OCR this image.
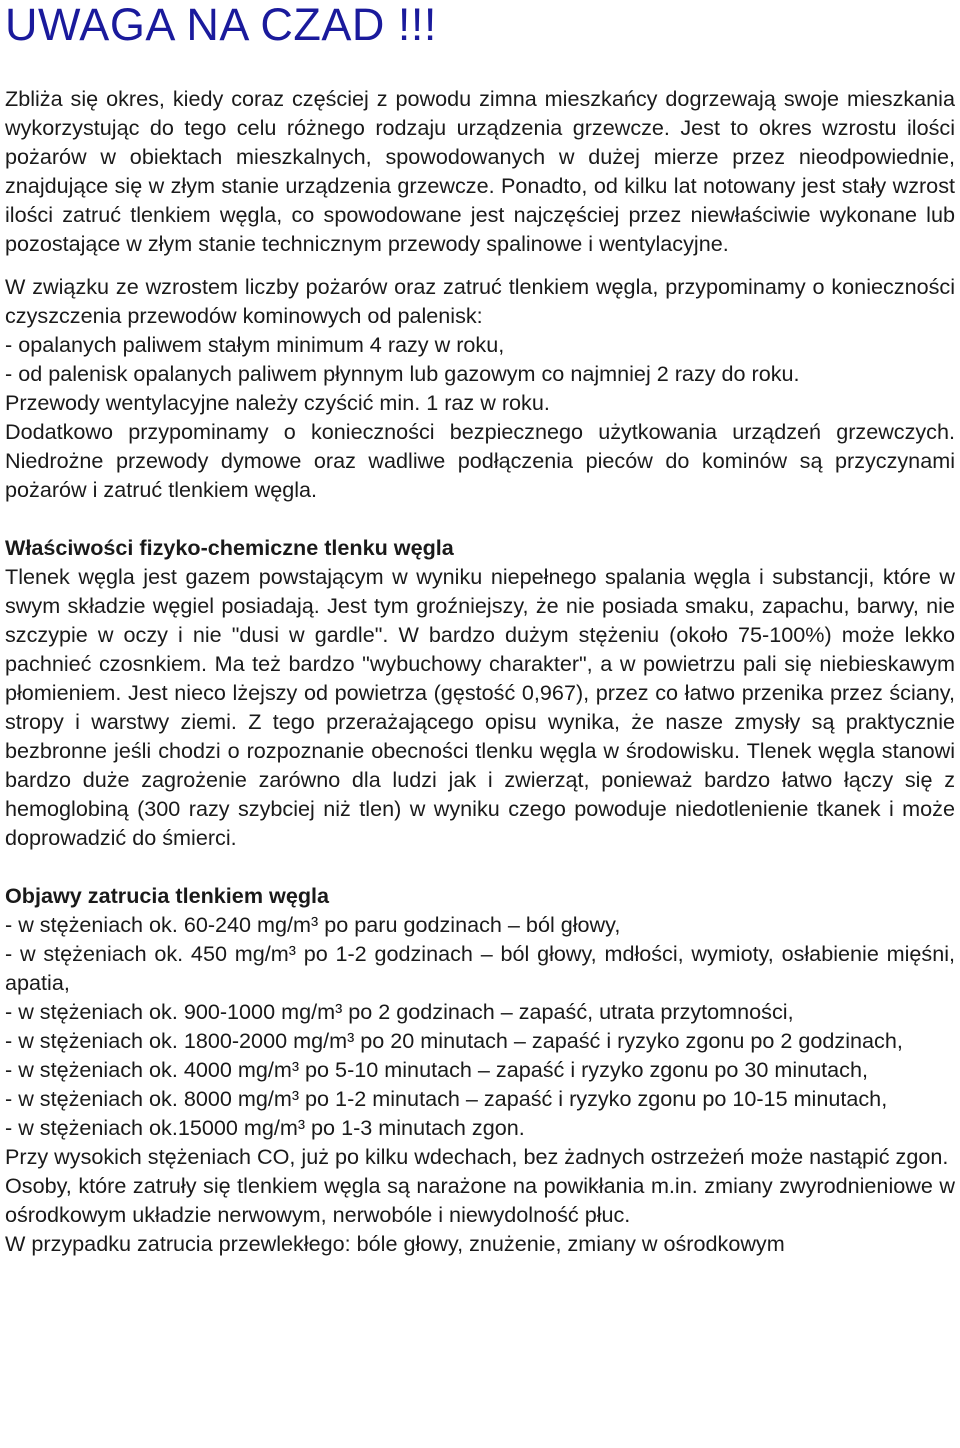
UWAGA NA CZAD !!!

Zbliża się okres, kiedy coraz częściej z powodu zimna mieszkańcy dogrzewają swoje mieszkania wykorzystując do tego celu różnego rodzaju urządzenia grzewcze. Jest to okres wzrostu ilości pożarów w obiektach mieszkalnych, spowodowanych w dużej mierze przez nieodpowiednie, znajdujące się w złym stanie urządzenia grzewcze. Ponadto, od kilku lat notowany jest stały wzrost ilości zatruć tlenkiem węgla, co spowodowane jest najczęściej przez niewłaściwie wykonane lub pozostające w złym stanie technicznym przewody spalinowe i wentylacyjne.

W związku ze wzrostem liczby pożarów oraz zatruć tlenkiem węgla, przypominamy o konieczności czyszczenia przewodów kominowych od palenisk:

- opalanych paliwem stałym minimum 4 razy w roku,

- od palenisk opalanych paliwem płynnym lub gazowym co najmniej 2 razy do roku.

Przewody wentylacyjne należy czyścić min. 1 raz w roku.

Dodatkowo przypominamy o konieczności bezpiecznego użytkowania urządzeń grzewczych. Niedrożne przewody dymowe oraz wadliwe podłączenia pieców do kominów są przyczynami pożarów i zatruć tlenkiem węgla.

Właściwości fizyko-chemiczne tlenku węgla

Tlenek węgla jest gazem powstającym w wyniku niepełnego spalania węgla i substancji, które w swym składzie węgiel posiadają. Jest tym groźniejszy, że nie posiada smaku, zapachu, barwy, nie szczypie w oczy i nie "dusi w gardle". W bardzo dużym stężeniu (około 75-100%) może lekko pachnieć czosnkiem. Ma też bardzo "wybuchowy charakter", a w powietrzu pali się niebieskawym płomieniem. Jest nieco lżejszy od powietrza (gęstość 0,967), przez co łatwo przenika przez ściany, stropy i warstwy ziemi. Z tego przerażającego opisu wynika, że nasze zmysły są praktycznie bezbronne jeśli chodzi o rozpoznanie obecności tlenku węgla w środowisku. Tlenek węgla stanowi bardzo duże zagrożenie zarówno dla ludzi jak i zwierząt, ponieważ bardzo łatwo łączy się z hemoglobiną (300 razy szybciej niż tlen) w wyniku czego powoduje niedotlenienie tkanek i może doprowadzić do śmierci.

Objawy zatrucia tlenkiem węgla

- w stężeniach ok. 60-240 mg/m³ po paru godzinach – ból głowy,

- w stężeniach ok. 450 mg/m³ po 1-2 godzinach – ból głowy, mdłości, wymioty, osłabienie mięśni, apatia,

- w stężeniach ok. 900-1000 mg/m³ po 2 godzinach – zapaść, utrata przytomności,

- w stężeniach ok. 1800-2000 mg/m³ po 20 minutach – zapaść i ryzyko zgonu po 2 godzinach,

- w stężeniach ok. 4000 mg/m³ po 5-10 minutach – zapaść i ryzyko zgonu po 30 minutach,

- w stężeniach ok. 8000 mg/m³ po 1-2 minutach – zapaść i ryzyko zgonu po 10-15 minutach,

- w stężeniach ok.15000 mg/m³ po 1-3 minutach zgon.

Przy wysokich stężeniach CO, już po kilku wdechach, bez żadnych ostrzeżeń może nastąpić zgon.

Osoby, które zatruły się tlenkiem węgla są narażone na powikłania m.in. zmiany zwyrodnieniowe w ośrodkowym układzie nerwowym, nerwobóle i niewydolność płuc.

W przypadku zatrucia przewlekłego: bóle głowy, znużenie, zmiany w ośrodkowym
